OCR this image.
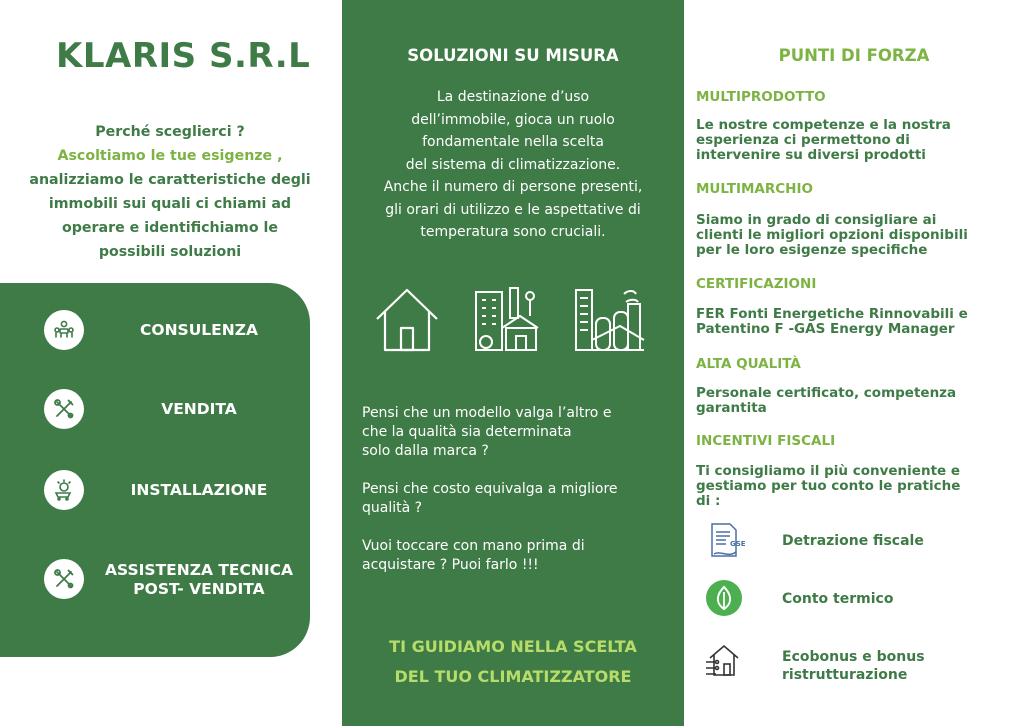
KLARIS S.R.L
Perché sceglierci ?
Ascoltiamo le tue esigenze ,
analizziamo le caratteristiche degli
immobili sui quali ci chiami ad
operare e identifichiamo le
possibili soluzioni
CONSULENZA
VENDITA
INSTALLAZIONE
ASSISTENZA TECNICA
POST- VENDITA
SOLUZIONI SU MISURA
La destinazione d’uso
dell’immobile, gioca un ruolo
fondamentale nella scelta
del sistema di climatizzazione.
Anche il numero di persone presenti,
gli orari di utilizzo e le aspettative di
temperatura sono cruciali.
Pensi che un modello valga l’altro e
che la qualità sia determinata
solo dalla marca ?
Pensi che costo equivalga a migliore
qualità ?
Vuoi toccare con mano prima di
acquistare ? Puoi farlo !!!
TI GUIDIAMO NELLA SCELTA
DEL TUO CLIMATIZZATORE
PUNTI DI FORZA
MULTIPRODOTTO
Le nostre competenze e la nostra
esperienza ci permettono di
intervenire su diversi prodotti
MULTIMARCHIO
Siamo in grado di consigliare ai
clienti le migliori opzioni disponibili
per le loro esigenze specifiche
CERTIFICAZIONI
FER Fonti Energetiche Rinnovabili e
Patentino F -GAS Energy Manager
ALTA QUALITÀ
Personale certificato, competenza
garantita
INCENTIVI FISCALI
Ti consigliamo il più conveniente e
gestiamo per tuo conto le pratiche
di :
GSE	Detrazione fiscale
Conto termico
Ecobonus e bonus
ristrutturazione
